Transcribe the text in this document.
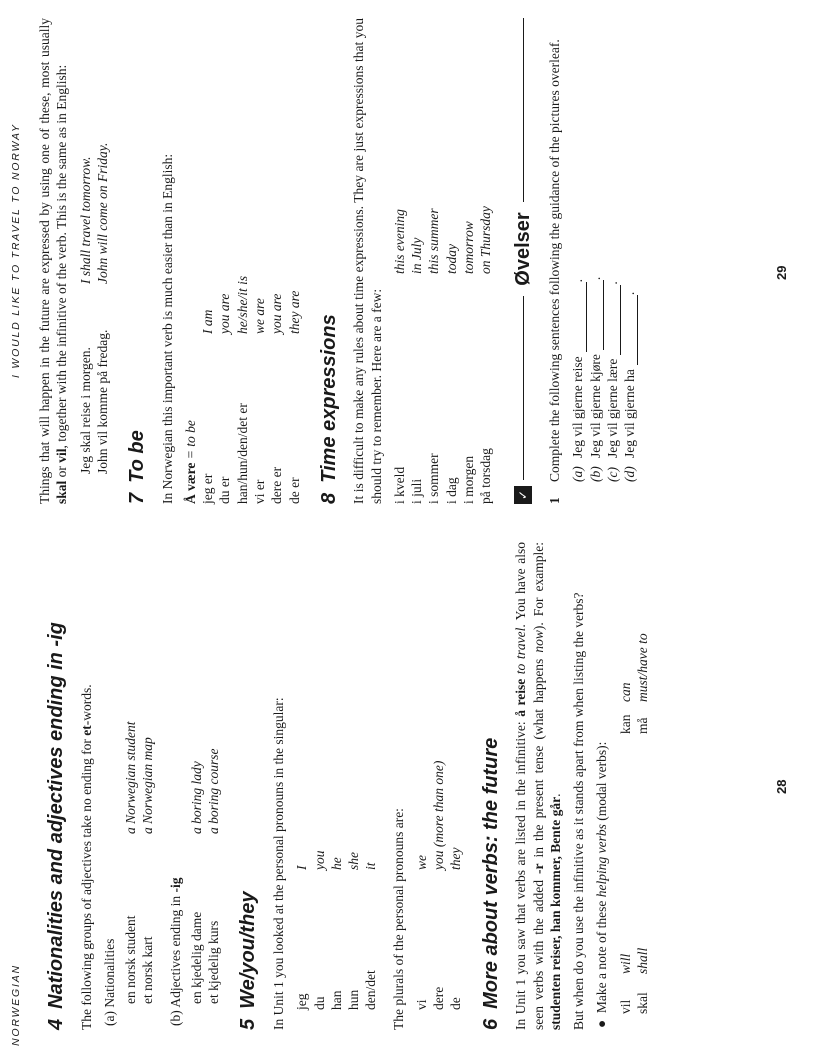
NORWEGIAN 4Nationalities and adjectives ending in -ig The following groups of adjectives take no ending for et-words.

(a) Nationalities en norsk student
a Norwegian student
et norsk kart
a Norwegian map
(b) Adjectives ending in -ig
en kjedelig dame
a boring lady
et kjedelig kurs
a boring course
5We/you/they In Unit 1 you looked at the personal pronouns in the singular: jeg
I
du
you
han
he
hun
she
den/det
it The plurals of the personal pronouns are: vi
we
dere
you (more than one)
de
they
6More about verbs: the future In Unit 1 you saw that verbs are listed in the infinitive: å reise to travel. You have also seen verbs with the added -r in the present tense (what happens now). For example: studenten reiser, han kommer, Bente går. But when do you use the infinitive as it stands apart from when listing the verbs? ●  Make a note of these helping verbs (modal verbs):

vil
will
kan
can
skal
shall
må
must/have to
28
I WOULD LIKE TO TRAVEL TO NORWAY Things that will happen in the future are expressed by using one of these, most usually skal or vil, together with the infinitive of the verb. This is the same as in English: Jeg skal reise i morgen.
I shall travel tomorrow.
John vil komme på fredag.
John will come on Friday.
7To be In Norwegian this important verb is much easier than in English: Å være = to be
jeg er
I am
du er
you are
han/hun/den/det er
he/she/it is
vi er
we are
dere er
you are
de er
they are
8Time expressions It is difficult to make any rules about time expressions. They are just expressions that you should try to remember. Here are a few: i kveld
this evening
i juli
in July
i sommer
this summer
i dag
today
i morgen
tomorrow
på torsdag
on Thursday
✓
Øvelser
1
Complete the following sentences following the guidance of the pictures overleaf. (a)
Jeg vil gjerne reise
.
(b)
Jeg vil gjerne kjøre
.
(c)
Jeg vil gjerne lære
.
(d)
Jeg vil gjerne ha
.
29
